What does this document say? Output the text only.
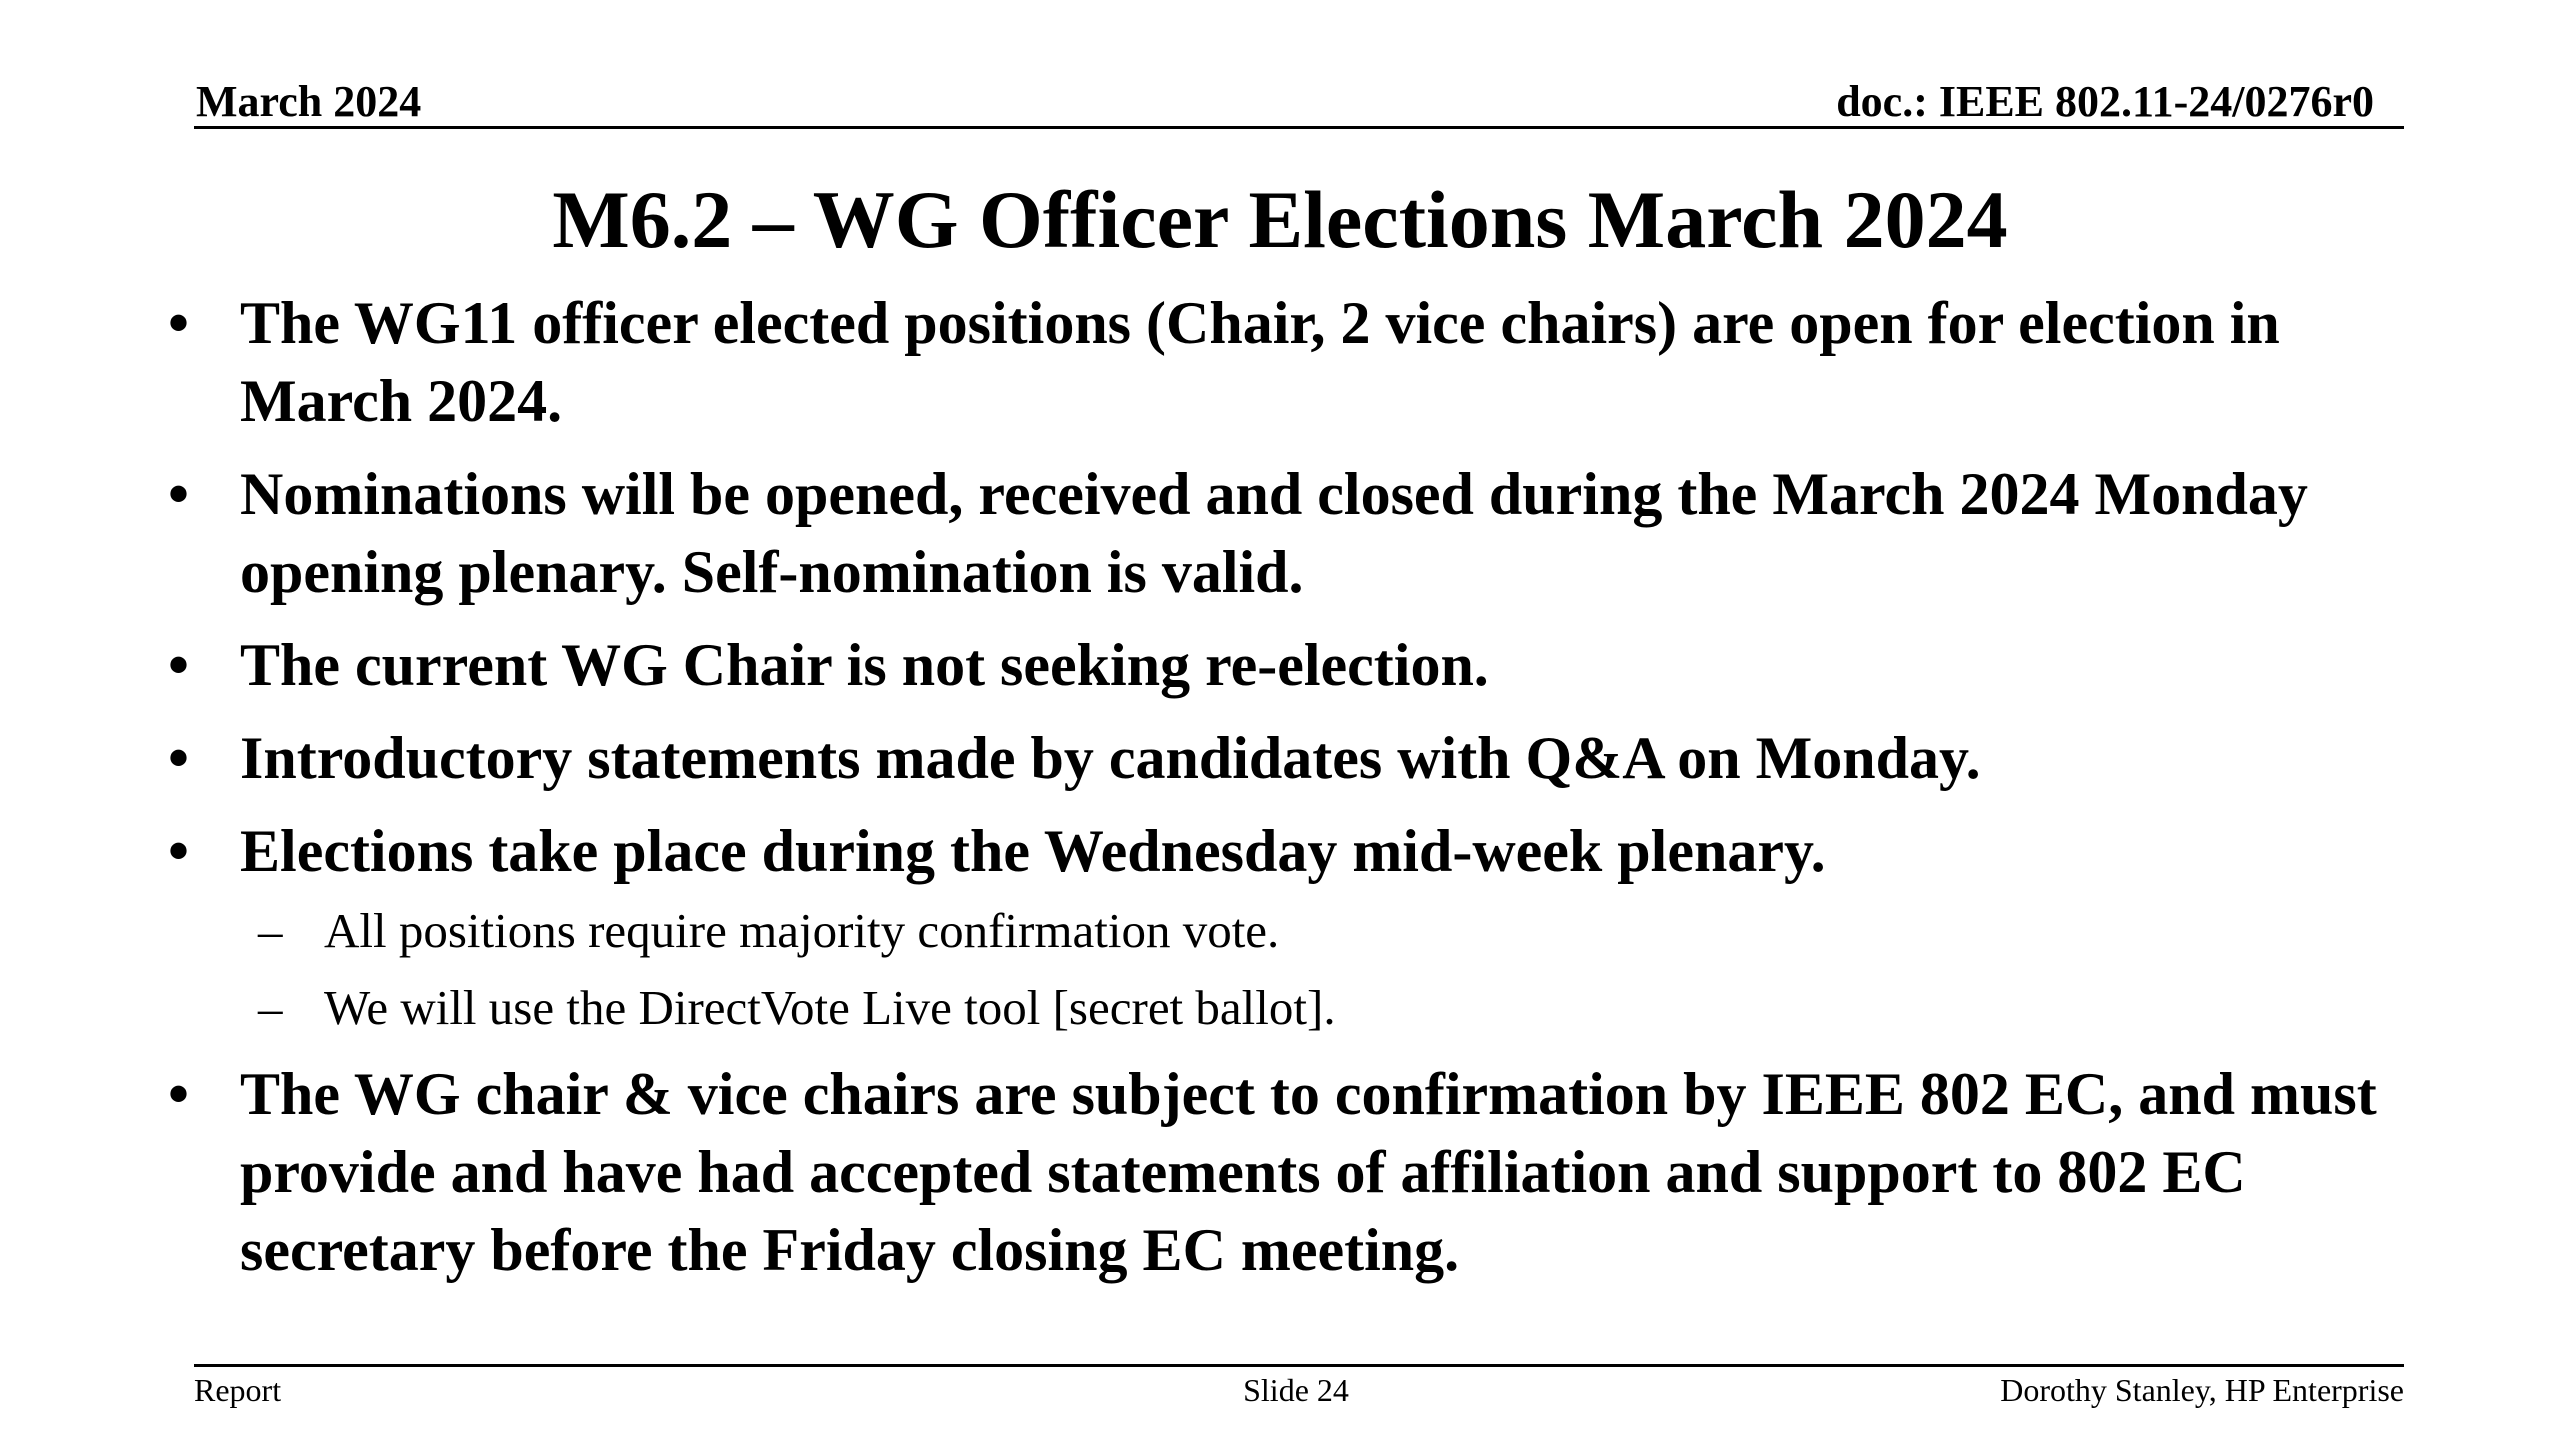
March 2024	doc.: IEEE 802.11-24/0276r0
M6.2 – WG Officer Elections March 2024
• The WG11 officer elected positions (Chair, 2 vice chairs) are open for election in March 2024.
• Nominations will be opened, received and closed during the March 2024 Monday opening plenary. Self-nomination is valid.
• The current WG Chair is not seeking re-election.
• Introductory statements made by candidates with Q&A on Monday.
• Elections take place during the Wednesday mid-week plenary.
– All positions require majority confirmation vote.
– We will use the DirectVote Live tool [secret ballot].
• The WG chair & vice chairs are subject to confirmation by IEEE 802 EC, and must provide and have had accepted statements of affiliation and support to 802 EC secretary before the Friday closing EC meeting.
Report	Slide 24	Dorothy Stanley, HP Enterprise
